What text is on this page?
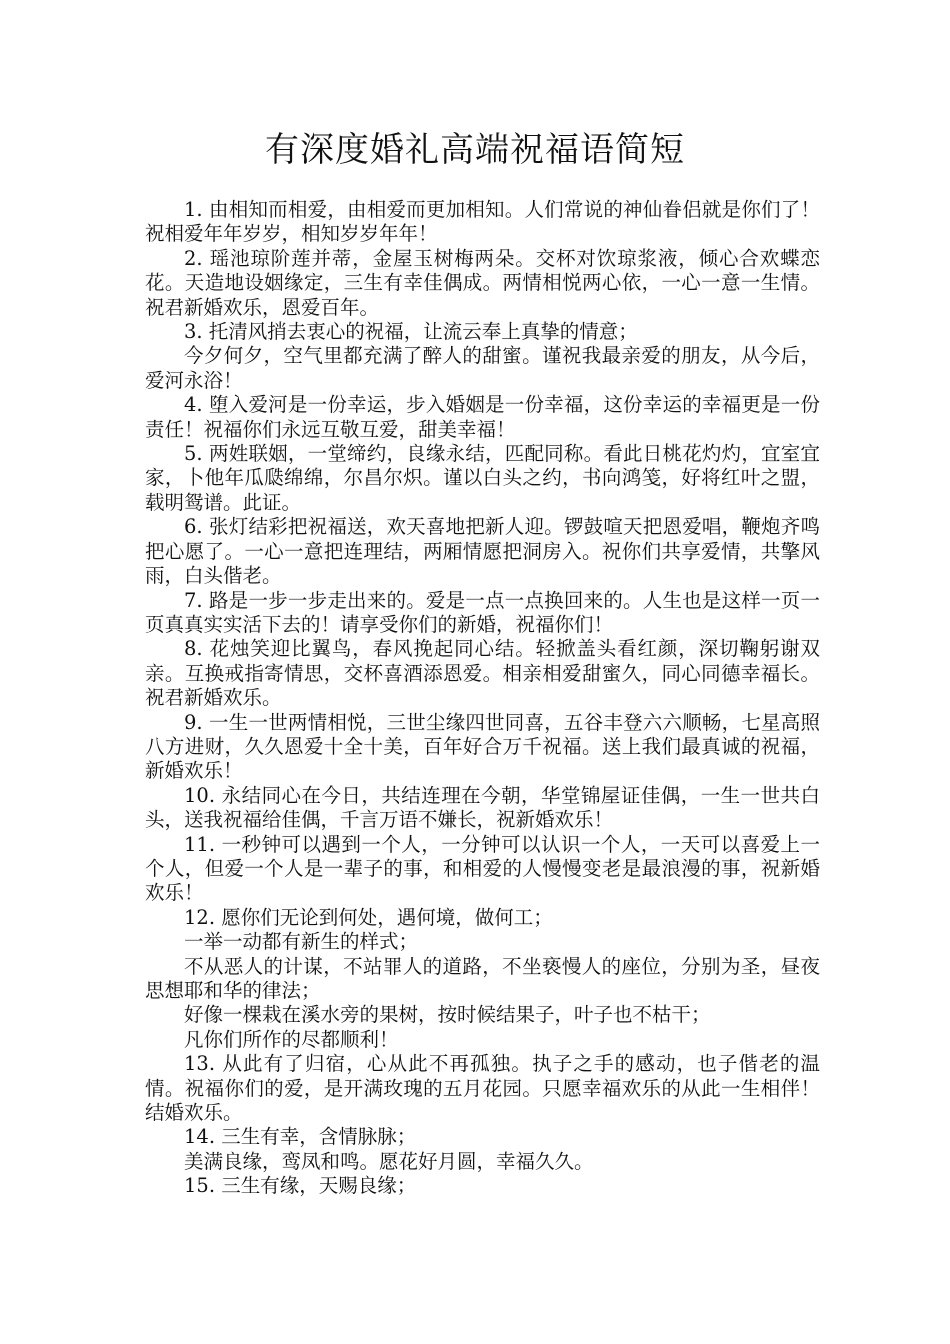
有深度婚礼高端祝福语简短

1. 由相知而相爱，由相爱而更加相知。人们常说的神仙眷侣就是你们了！祝相爱年年岁岁，相知岁岁年年！

2. 瑶池琼阶莲并蒂，金屋玉树梅两朵。交杯对饮琼浆液，倾心合欢蝶恋花。天造地设姻缘定，三生有幸佳偶成。两情相悦两心依，一心一意一生情。祝君新婚欢乐，恩爱百年。

3. 托清风捎去衷心的祝福，让流云奉上真挚的情意；

今夕何夕，空气里都充满了醉人的甜蜜。谨祝我最亲爱的朋友，从今后，爱河永浴！

4. 堕入爱河是一份幸运，步入婚姻是一份幸福，这份幸运的幸福更是一份责任！祝福你们永远互敬互爱，甜美幸福！

5. 两姓联姻，一堂缔约，良缘永结，匹配同称。看此日桃花灼灼，宜室宜家，卜他年瓜瓞绵绵，尔昌尔炽。谨以白头之约，书向鸿笺，好将红叶之盟，载明鸳谱。此证。

6. 张灯结彩把祝福送，欢天喜地把新人迎。锣鼓喧天把恩爱唱，鞭炮齐鸣把心愿了。一心一意把连理结，两厢情愿把洞房入。祝你们共享爱情，共擎风雨，白头偕老。

7. 路是一步一步走出来的。爱是一点一点换回来的。人生也是这样一页一页真真实实活下去的！请享受你们的新婚，祝福你们！

8. 花烛笑迎比翼鸟，春风挽起同心结。轻掀盖头看红颜，深切鞠躬谢双亲。互换戒指寄情思，交杯喜酒添恩爱。相亲相爱甜蜜久，同心同德幸福长。祝君新婚欢乐。

9. 一生一世两情相悦，三世尘缘四世同喜，五谷丰登六六顺畅，七星高照八方进财，久久恩爱十全十美，百年好合万千祝福。送上我们最真诚的祝福，新婚欢乐！

10. 永结同心在今日，共结连理在今朝，华堂锦屋证佳偶，一生一世共白头，送我祝福给佳偶，千言万语不嫌长，祝新婚欢乐！

11. 一秒钟可以遇到一个人，一分钟可以认识一个人，一天可以喜爱上一个人，但爱一个人是一辈子的事，和相爱的人慢慢变老是最浪漫的事，祝新婚欢乐！

12. 愿你们无论到何处，遇何境，做何工；

一举一动都有新生的样式；

不从恶人的计谋，不站罪人的道路，不坐亵慢人的座位，分别为圣，昼夜思想耶和华的律法；

好像一棵栽在溪水旁的果树，按时候结果子，叶子也不枯干；

凡你们所作的尽都顺利！

13. 从此有了归宿，心从此不再孤独。执子之手的感动，也子偕老的温情。祝福你们的爱，是开满玫瑰的五月花园。只愿幸福欢乐的从此一生相伴！结婚欢乐。

14. 三生有幸，含情脉脉；

美满良缘，鸾凤和鸣。愿花好月圆，幸福久久。

15. 三生有缘，天赐良缘；
